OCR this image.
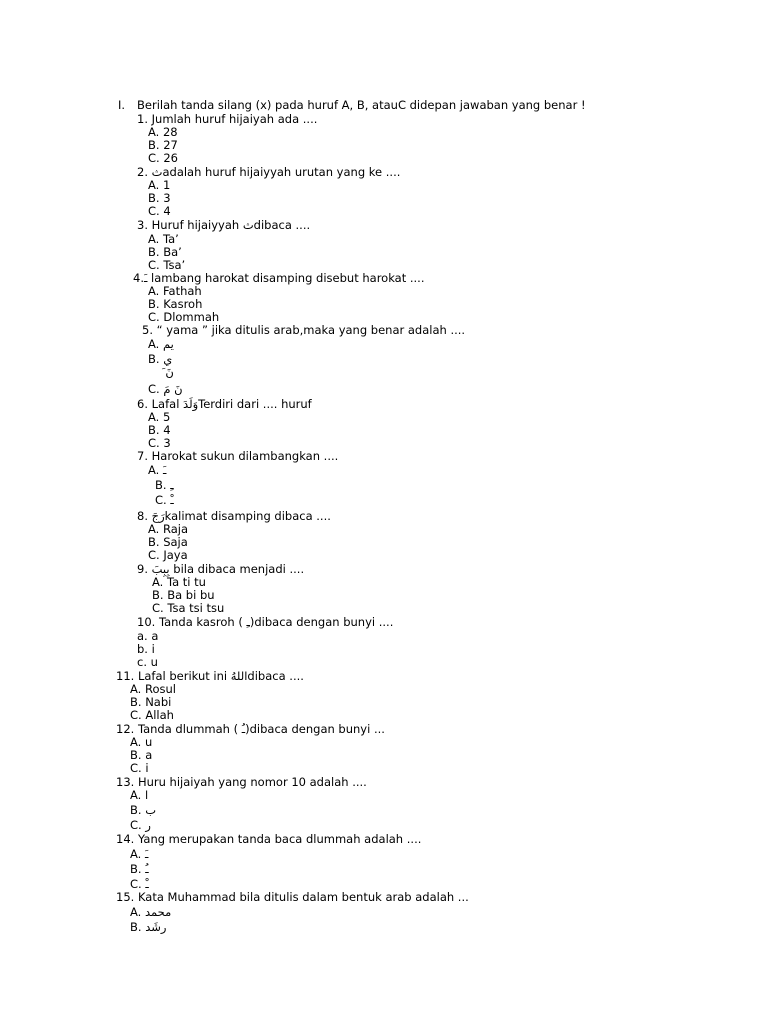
I. Berilah tanda silang (x) pada huruf A, B, atauC didepan jawaban yang benar !
1. Jumlah huruf hijaiyah ada ....
A. 28
B. 27
C. 26
2. ثadalah huruf hijaiyyah urutan yang ke ....
A. 1
B. 3
C. 4
3. Huruf hijaiyyah ثdibaca ....
A. Ta’
B. Ba’
C. Tsa’
4.ـَ lambang harokat disamping disebut harokat ....
A. Fathah
B. Kasroh
C. Dlommah
5. “ yama ” jika ditulis arab,maka yang benar adalah ....
A. يم
B. ي
َ نَ
C. نَ مَ
6. Lafal وَلَدَTerdiri dari .... huruf
A. 5
B. 4
C. 3
7. Harokat sukun dilambangkan ....
A. ـَ
B. ـِ
C. ـْ
8. رَجَkalimat disamping dibaca ....
A. Raja
B. Saja
C. Jaya
9. بِبِبَ bila dibaca menjadi ....
A. Ta ti tu
B. Ba bi bu
C. Tsa tsi tsu
10. Tanda kasroh ( ـِ)dibaca dengan bunyi ....
a. a
b. i
c. u
11. Lafal berikut ini اللهُdibaca ....
A. Rosul
B. Nabi
C. Allah
12. Tanda dlummah ( ـُ)dibaca dengan bunyi ...
A. u
B. a
C. i
13. Huru hijaiyah yang nomor 10 adalah ....
A. ا
B. ب
C. ر
14. Yang merupakan tanda baca dlummah adalah ....
A. ـَ
B. ـُ
C. ـْ
15. Kata Muhammad bila ditulis dalam bentuk arab adalah ...
A. محمد
B. رشَد
